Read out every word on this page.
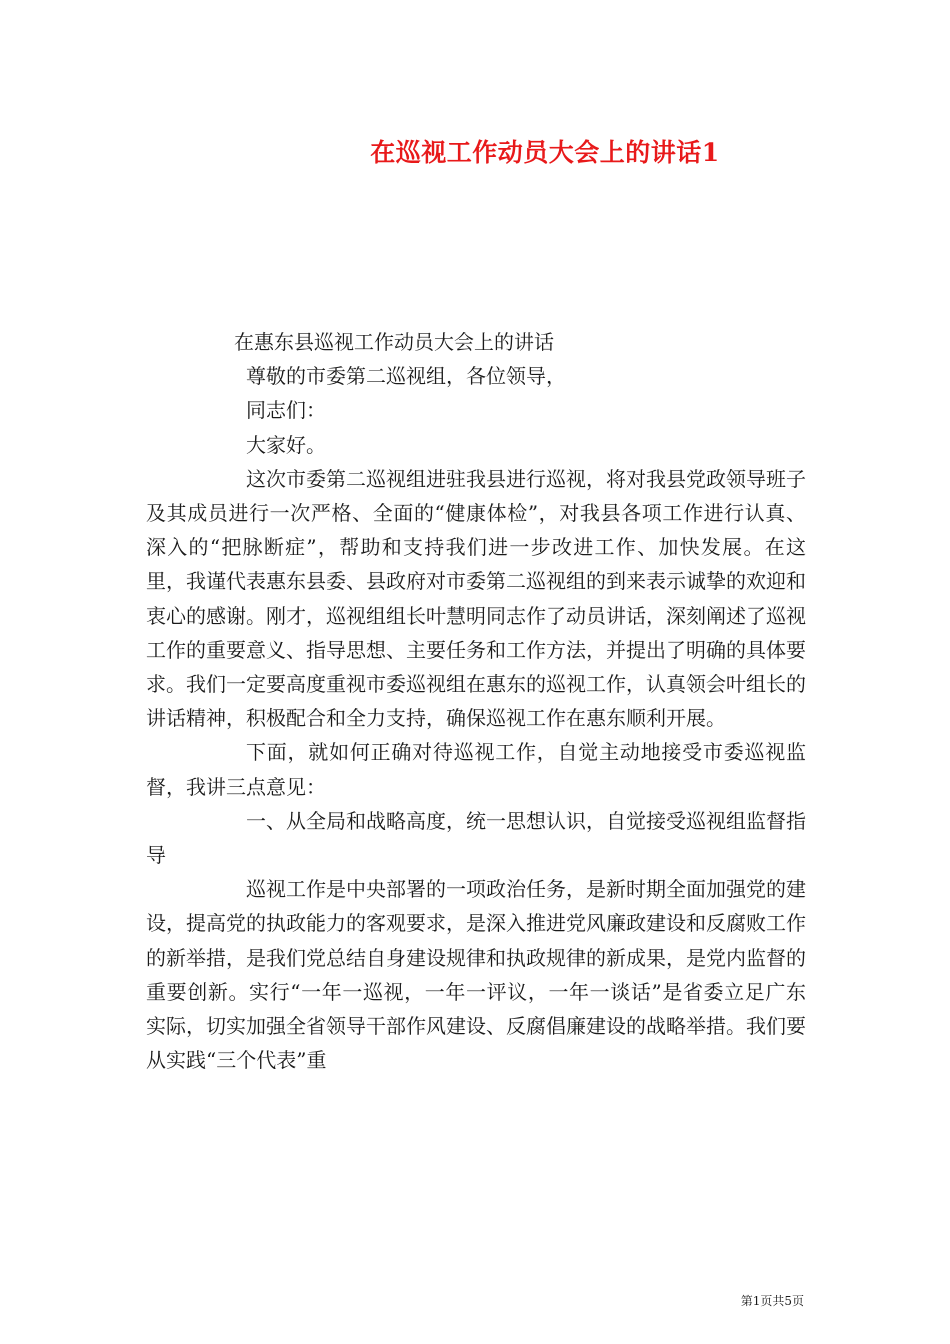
在巡视工作动员大会上的讲话1

在惠东县巡视工作动员大会上的讲话

尊敬的市委第二巡视组，各位领导，

同志们：

大家好。

这次市委第二巡视组进驻我县进行巡视，将对我县党政领导班子及其成员进行一次严格、全面的“健康体检”，对我县各项工作进行认真、深入的“把脉断症”，帮助和支持我们进一步改进工作、加快发展。在这里，我谨代表惠东县委、县政府对市委第二巡视组的到来表示诚挚的欢迎和衷心的感谢。刚才，巡视组组长叶慧明同志作了动员讲话，深刻阐述了巡视工作的重要意义、指导思想、主要任务和工作方法，并提出了明确的具体要求。我们一定要高度重视市委巡视组在惠东的巡视工作，认真领会叶组长的讲话精神，积极配合和全力支持，确保巡视工作在惠东顺利开展。

下面，就如何正确对待巡视工作，自觉主动地接受市委巡视监督，我讲三点意见：

一、从全局和战略高度，统一思想认识，自觉接受巡视组监督指导

巡视工作是中央部署的一项政治任务，是新时期全面加强党的建设，提高党的执政能力的客观要求，是深入推进党风廉政建设和反腐败工作的新举措，是我们党总结自身建设规律和执政规律的新成果，是党内监督的重要创新。实行“一年一巡视，一年一评议，一年一谈话”是省委立足广东实际，切实加强全省领导干部作风建设、反腐倡廉建设的战略举措。我们要从实践“三个代表”重

第1页共5页
